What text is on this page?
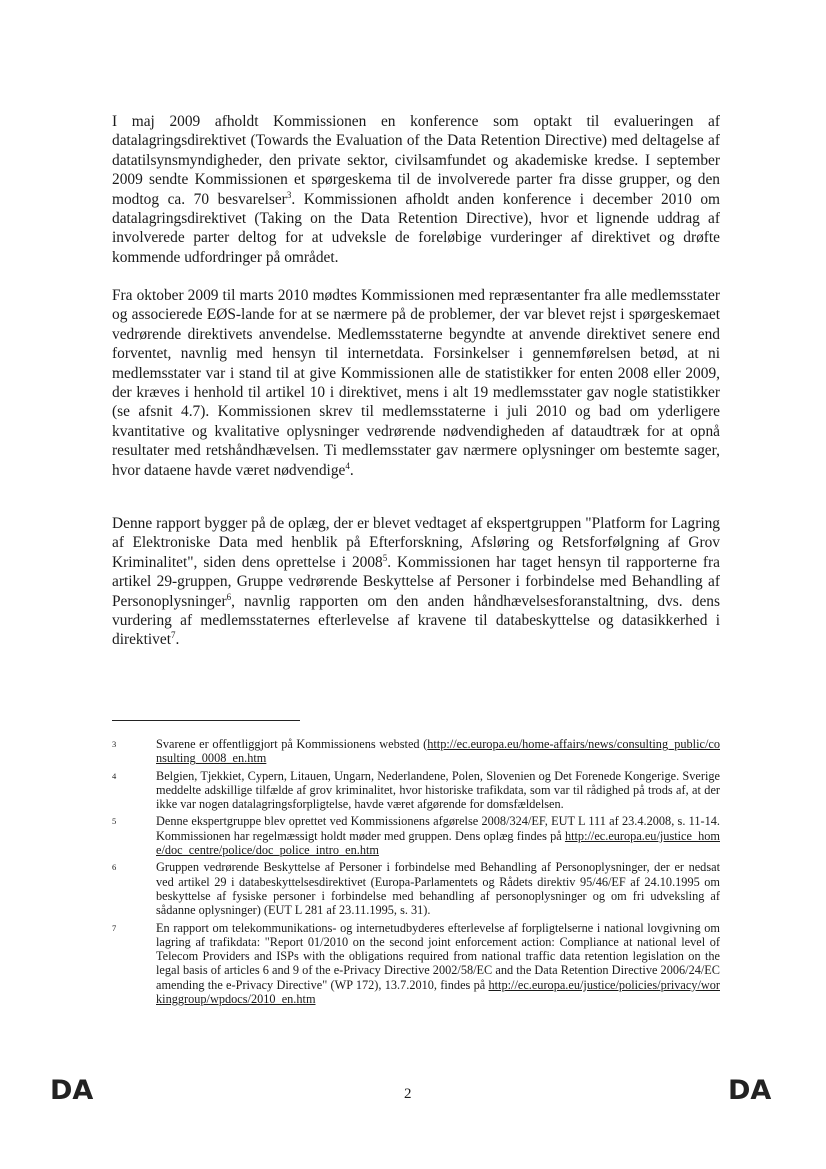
I maj 2009 afholdt Kommissionen en konference som optakt til evalueringen af datalagringsdirektivet (Towards the Evaluation of the Data Retention Directive) med deltagelse af datatilsynsmyndigheder, den private sektor, civilsamfundet og akademiske kredse. I september 2009 sendte Kommissionen et spørgeskema til de involverede parter fra disse grupper, og den modtog ca. 70 besvarelser$^3$. Kommissionen afholdt anden konference i december 2010 om datalagringsdirektivet (Taking on the Data Retention Directive), hvor et lignende uddrag af involverede parter deltog for at udveksle de foreløbige vurderinger af direktivet og drøfte kommende udfordringer på området.

Fra oktober 2009 til marts 2010 mødtes Kommissionen med repræsentanter fra alle medlemsstater og associerede EØS-lande for at se nærmere på de problemer, der var blevet rejst i spørgeskemaet vedrørende direktivets anvendelse. Medlemsstaterne begyndte at anvende direktivet senere end forventet, navnlig med hensyn til internetdata. Forsinkelser i gennemførelsen betød, at ni medlemsstater var i stand til at give Kommissionen alle de statistikker for enten 2008 eller 2009, der kræves i henhold til artikel 10 i direktivet, mens i alt 19 medlemsstater gav nogle statistikker (se afsnit 4.7). Kommissionen skrev til medlemsstaterne i juli 2010 og bad om yderligere kvantitative og kvalitative oplysninger vedrørende nødvendigheden af dataudtræk for at opnå resultater med retshåndhævelsen. Ti medlemsstater gav nærmere oplysninger om bestemte sager, hvor dataene havde været nødvendige$^4$.

Denne rapport bygger på de oplæg, der er blevet vedtaget af ekspertgruppen "Platform for Lagring af Elektroniske Data med henblik på Efterforskning, Afsløring og Retsforfølgning af Grov Kriminalitet", siden dens oprettelse i 2008$^5$. Kommissionen har taget hensyn til rapporterne fra artikel 29-gruppen, Gruppe vedrørende Beskyttelse af Personer i forbindelse med Behandling af Personoplysninger$^6$, navnlig rapporten om den anden håndhævelsesforanstaltning, dvs. dens vurdering af medlemsstaternes efterlevelse af kravene til databeskyttelse og datasikkerhed i direktivet$^7$.

3	Svarene er offentliggjort på Kommissionens websted (http://ec.europa.eu/home-affairs/news/consulting_public/consulting_0008_en.htm
4	Belgien, Tjekkiet, Cypern, Litauen, Ungarn, Nederlandene, Polen, Slovenien og Det Forenede Kongerige. Sverige meddelte adskillige tilfælde af grov kriminalitet, hvor historiske trafikdata, som var til rådighed på trods af, at der ikke var nogen datalagringsforpligtelse, havde været afgørende for domsfældelsen.
5	Denne ekspertgruppe blev oprettet ved Kommissionens afgørelse 2008/324/EF, EUT L 111 af 23.4.2008, s. 11-14. Kommissionen har regelmæssigt holdt møder med gruppen. Dens oplæg findes på http://ec.europa.eu/justice_home/doc_centre/police/doc_police_intro_en.htm
6	Gruppen vedrørende Beskyttelse af Personer i forbindelse med Behandling af Personoplysninger, der er nedsat ved artikel 29 i databeskyttelsesdirektivet (Europa-Parlamentets og Rådets direktiv 95/46/EF af 24.10.1995 om beskyttelse af fysiske personer i forbindelse med behandling af personoplysninger og om fri udveksling af sådanne oplysninger) (EUT L 281 af 23.11.1995, s. 31).
7	En rapport om telekommunikations- og internetudbyderes efterlevelse af forpligtelserne i national lovgivning om lagring af trafikdata: "Report 01/2010 on the second joint enforcement action: Compliance at national level of Telecom Providers and ISPs with the obligations required from national traffic data retention legislation on the legal basis of articles 6 and 9 of the e-Privacy Directive 2002/58/EC and the Data Retention Directive 2006/24/EC amending the e-Privacy Directive" (WP 172), 13.7.2010, findes på http://ec.europa.eu/justice/policies/privacy/workinggroup/wpdocs/2010_en.htm
DA	2	DA
